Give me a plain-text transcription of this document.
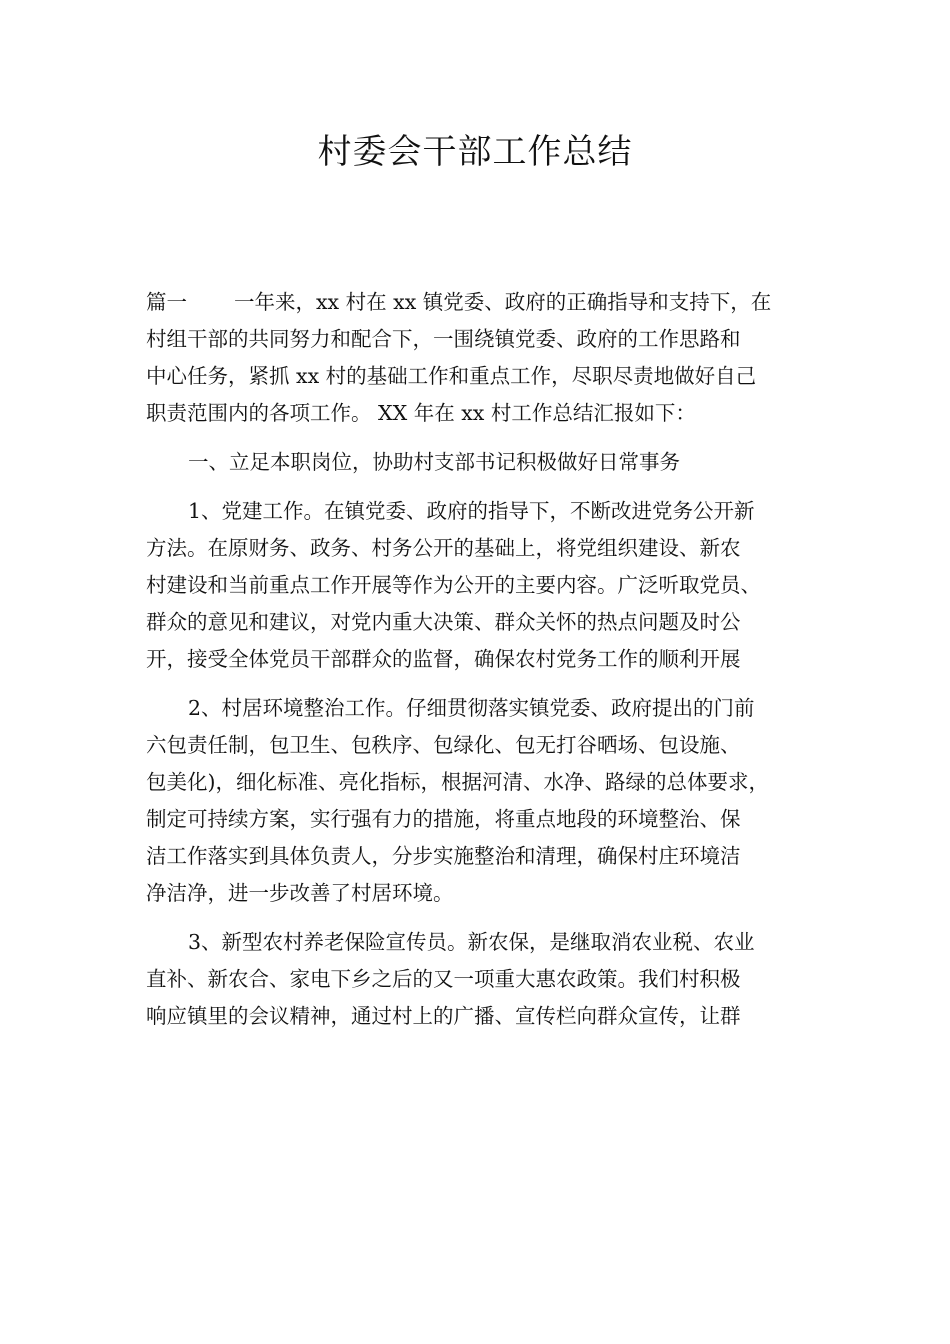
村委会干部工作总结
篇一 一年来，xx 村在 xx 镇党委、政府的正确指导和支持下，在
村组干部的共同努力和配合下，一围绕镇党委、政府的工作思路和
中心任务，紧抓 xx 村的基础工作和重点工作，尽职尽责地做好自己
职责范围内的各项工作。 XX 年在 xx 村工作总结汇报如下：
一、立足本职岗位，协助村支部书记积极做好日常事务
1、党建工作。在镇党委、政府的指导下，不断改进党务公开新
方法。在原财务、政务、村务公开的基础上，将党组织建设、新农
村建设和当前重点工作开展等作为公开的主要内容。广泛听取党员、
群众的意见和建议，对党内重大决策、群众关怀的热点问题及时公
开，接受全体党员干部群众的监督，确保农村党务工作的顺利开展
2、村居环境整治工作。仔细贯彻落实镇党委、政府提出的门前
六包责任制，包卫生、包秩序、包绿化、包无打谷晒场、包设施、
包美化)，细化标准、亮化指标，根据河清、水净、路绿的总体要求，
制定可持续方案，实行强有力的措施，将重点地段的环境整治、保
洁工作落实到具体负责人，分步实施整治和清理，确保村庄环境洁
净洁净，进一步改善了村居环境。
3、新型农村养老保险宣传员。新农保，是继取消农业税、农业
直补、新农合、家电下乡之后的又一项重大惠农政策。我们村积极
响应镇里的会议精神，通过村上的广播、宣传栏向群众宣传，让群
